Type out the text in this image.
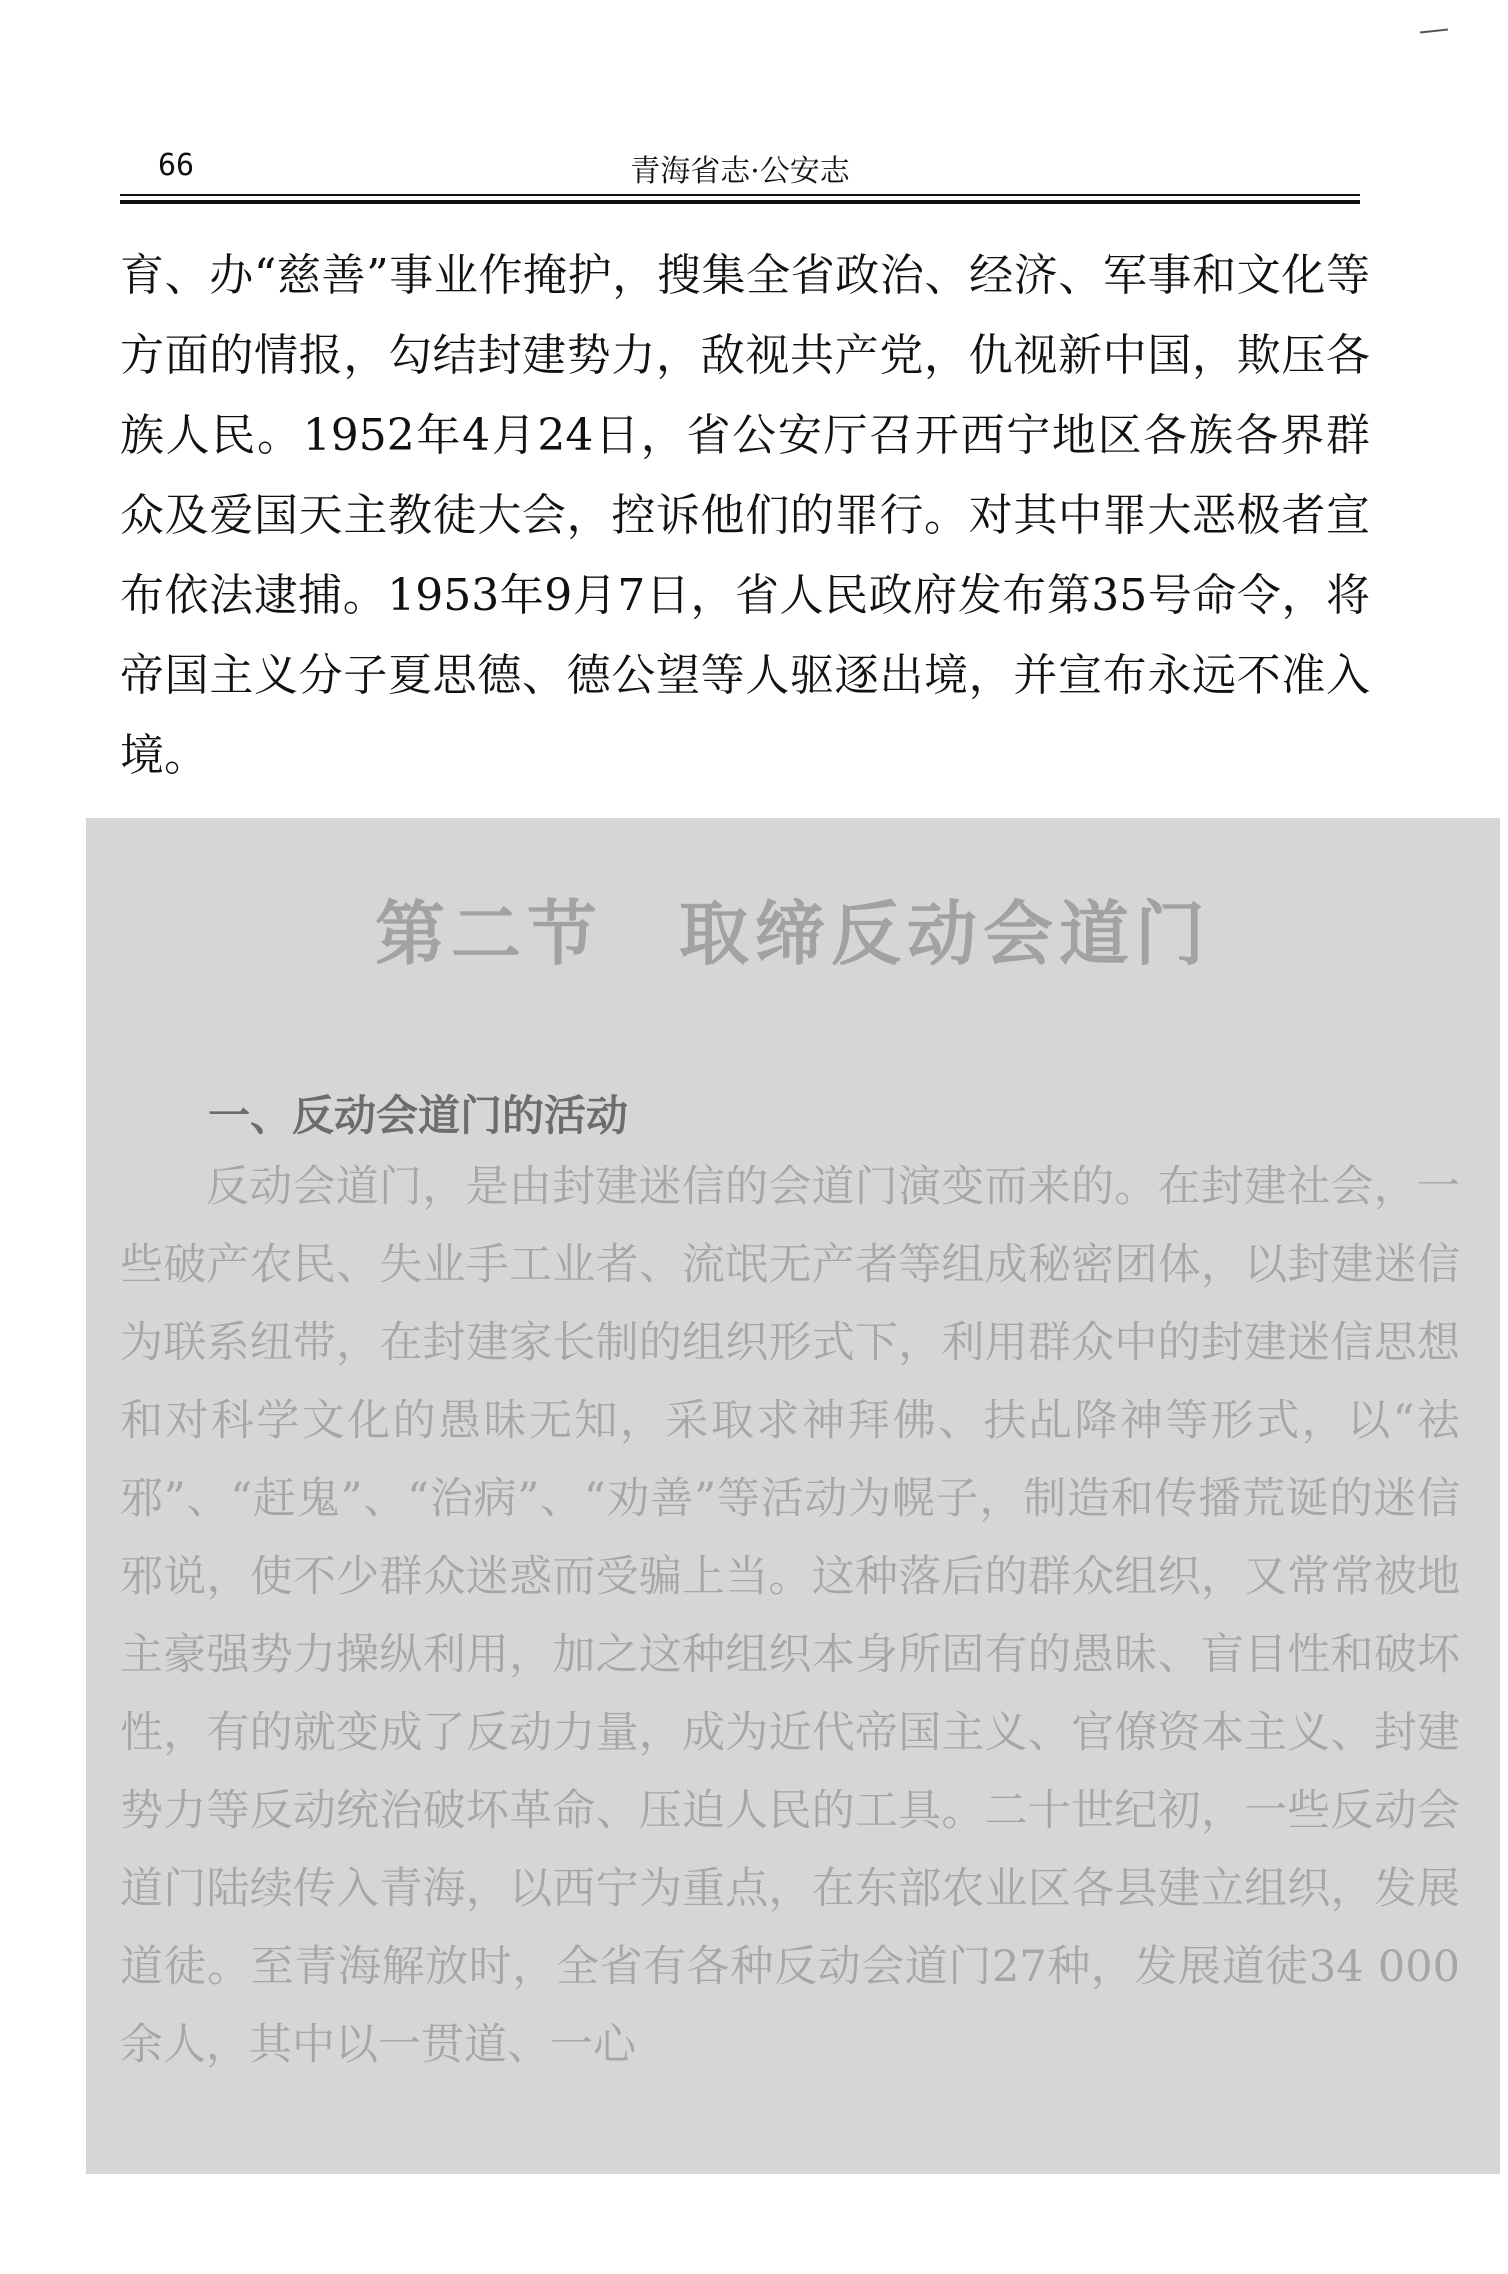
66	青海省志·公安志

育、办“慈善”事业作掩护，搜集全省政治、经济、军事和文化等方面的情报，勾结封建势力，敌视共产党，仇视新中国，欺压各族人民。1952年4月24日，省公安厅召开西宁地区各族各界群众及爱国天主教徒大会，控诉他们的罪行。对其中罪大恶极者宣布依法逮捕。1953年9月7日，省人民政府发布第35号命令，将帝国主义分子夏思德、德公望等人驱逐出境，并宣布永远不准入境。

第二节　取缔反动会道门
一、反动会道门的活动

反动会道门，是由封建迷信的会道门演变而来的。在封建社会，一些破产农民、失业手工业者、流氓无产者等组成秘密团体，以封建迷信为联系纽带，在封建家长制的组织形式下，利用群众中的封建迷信思想和对科学文化的愚昧无知，采取求神拜佛、扶乩降神等形式，以“祛邪”、“赶鬼”、“治病”、“劝善”等活动为幌子，制造和传播荒诞的迷信邪说，使不少群众迷惑而受骗上当。这种落后的群众组织，又常常被地主豪强势力操纵利用，加之这种组织本身所固有的愚昧、盲目性和破坏性，有的就变成了反动力量，成为近代帝国主义、官僚资本主义、封建势力等反动统治破坏革命、压迫人民的工具。二十世纪初，一些反动会道门陆续传入青海，以西宁为重点，在东部农业区各县建立组织，发展道徒。至青海解放时，全省有各种反动会道门27种，发展道徒34 000余人，其中以一贯道、一心
